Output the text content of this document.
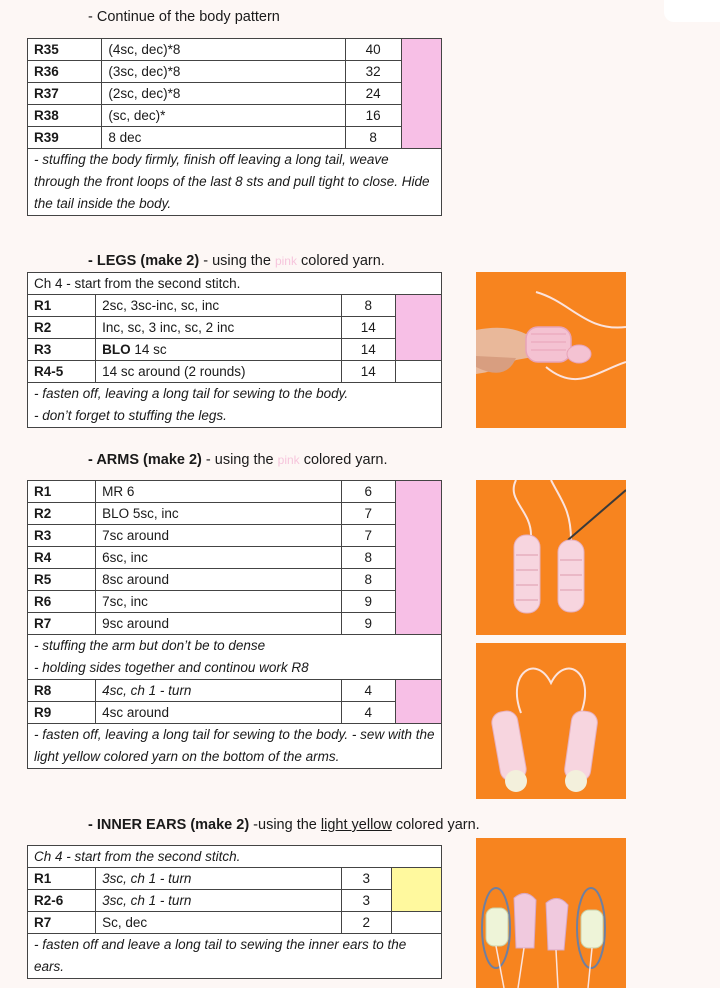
- Continue of the body pattern
R35	(4sc, dec)*8	40	
R36	(3sc, dec)*8	32	
R37	(2sc, dec)*8	24	
R38	(sc, dec)*	16	
R39	8 dec	8	
- stuffing the body firmly, finish off leaving a long tail, weave through the front loops of the last 8 sts and pull tight to close. Hide the tail inside the body.			
- LEGS (make 2) - using the pink colored yarn.
Ch 4 - start from the second stitch.			
R1	2sc, 3sc-inc, sc, inc	8	
R2	Inc, sc, 3 inc, sc, 2 inc	14	
R3	BLO 14 sc	14	
R4-5	14 sc around (2 rounds)	14	

- fasten off, leaving a long tail for sewing to the body.
- don’t forget to stuffing the legs.			
- ARMS (make 2) - using the pink colored yarn.
R1	MR 6	6	
R2	BLO 5sc, inc	7	
R3	7sc around	7	
R4	6sc, inc	8	
R5	8sc around	8	
R6	7sc, inc	9	
R7	9sc around	9	

- stuffing the arm but don’t be to dense
- holding sides together and continou work R8			

R8	4sc, ch 1 - turn	4	
R9	4sc around	4	
- fasten off, leaving a long tail for sewing to the body. - sew with the light yellow colored yarn on the bottom of the arms.			
- INNER EARS (make 2) -using the light yellow colored yarn.
Ch 4 - start from the second stitch.			
R1	3sc, ch 1 - turn	3	
R2-6	3sc, ch 1 - turn	3	
R7	Sc, dec	2	
- fasten off and leave a long tail to sewing the inner ears to the ears.			
